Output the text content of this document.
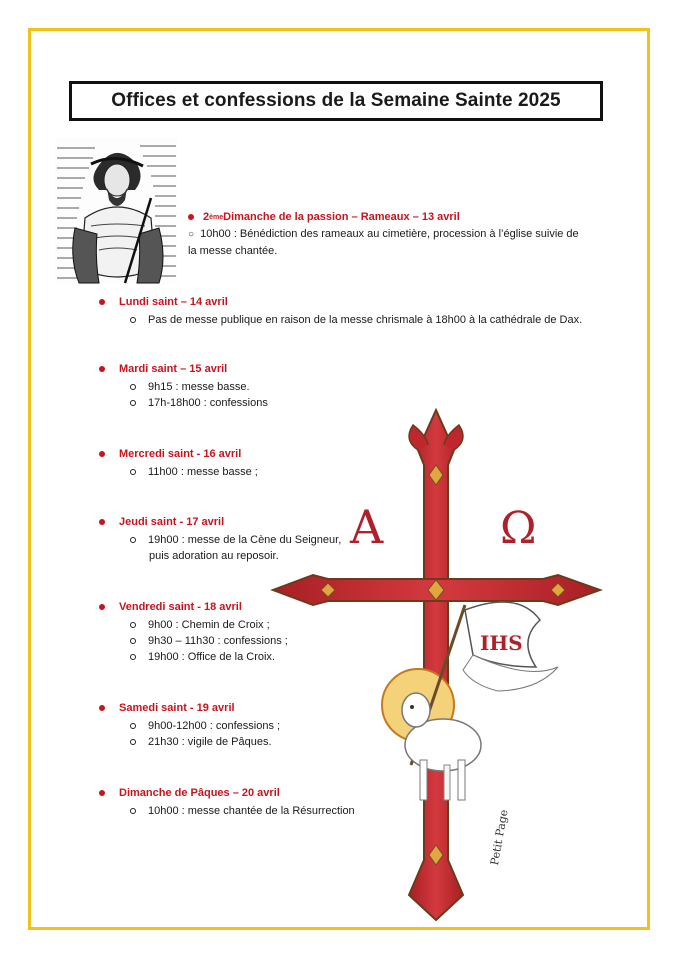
Offices et confessions de la Semaine Sainte 2025
2 ème Dimanche de la passion – Rameaux – 13 avril
○ 10h00 : Bénédiction des rameaux au cimetière, procession à l’église suivie de
la messe chantée.
Lundi saint – 14 avril
Pas de messe publique en raison de la messe chrismale à 18h00 à la cathédrale de Dax.
Mardi saint – 15 avril
9h15 : messe basse.
17h-18h00 : confessions
Mercredi saint - 16 avril
11h00 : messe basse ;
Jeudi saint - 17 avril
19h00 : messe de la Cène du Seigneur,
puis adoration au reposoir.
Vendredi saint - 18 avril
9h00 : Chemin de Croix ;
9h30 – 11h30 : confessions ;
19h00 : Office de la Croix.
Samedi saint - 19 avril
9h00-12h00 : confessions ;
21h30 : vigile de Pâques.
Dimanche de Pâques – 20 avril
10h00 : messe chantée de la Résurrection
A	Ω
IHS
Petit Page
